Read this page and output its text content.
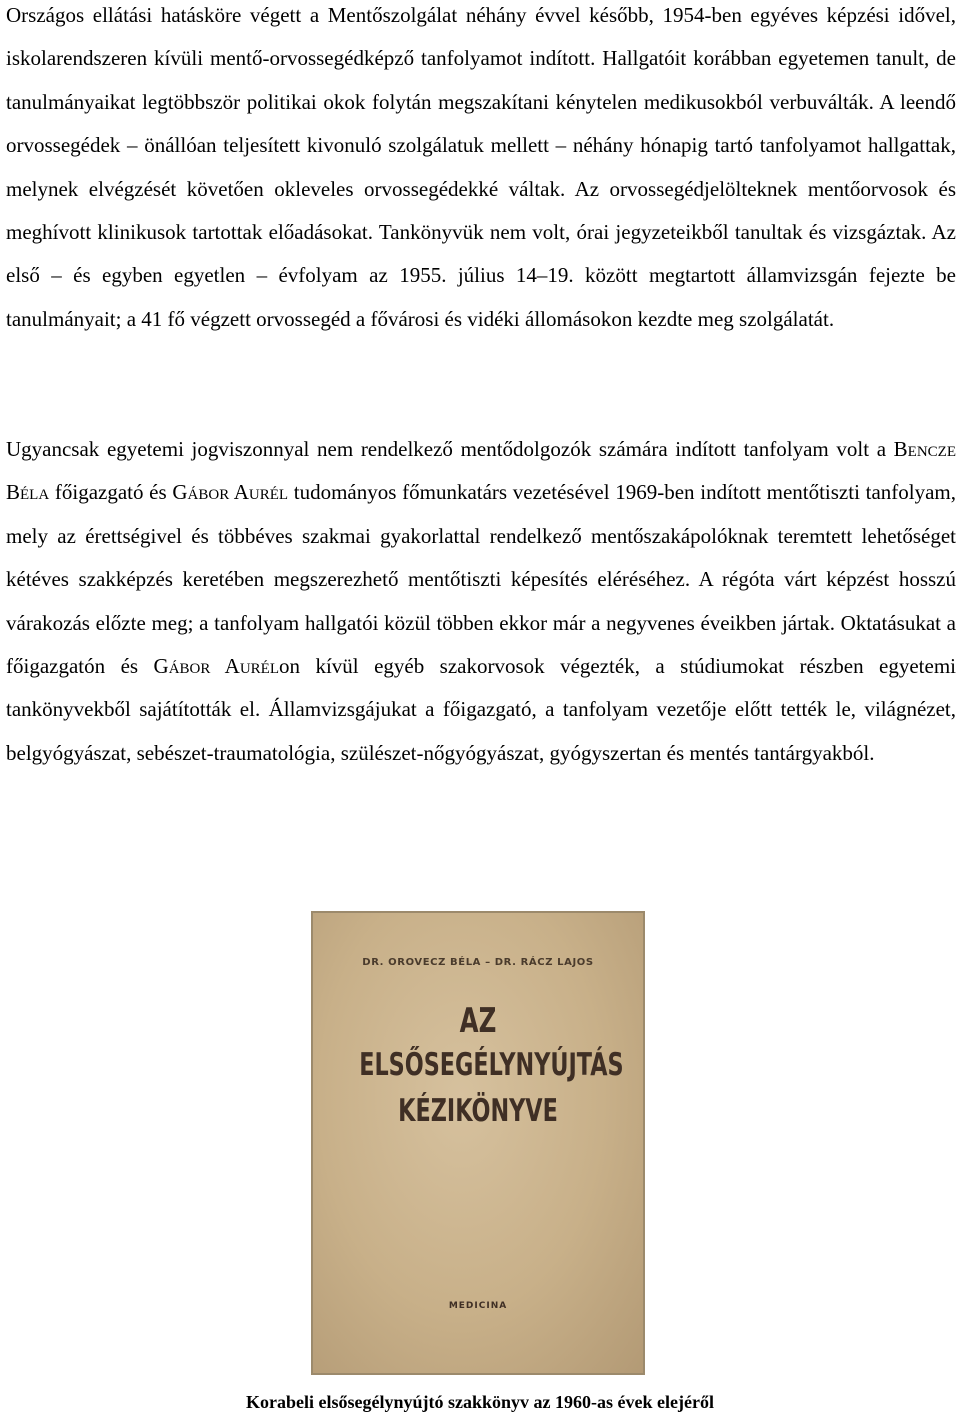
Országos ellátási hatásköre végett a Mentőszolgálat néhány évvel később, 1954-ben egyéves képzési idővel, iskolarendszeren kívüli mentő-orvossegédképző tanfolyamot indított. Hallgatóit korábban egyetemen tanult, de tanulmányaikat legtöbbször politikai okok folytán megszakítani kénytelen medikusokból verbuválták. A leendő orvossegédek – önállóan teljesített kivonuló szolgálatuk mellett – néhány hónapig tartó tanfolyamot hallgattak, melynek elvégzését követően okleveles orvossegédekké váltak. Az orvossegédjelölteknek mentőorvosok és meghívott klinikusok tartottak előadásokat. Tankönyvük nem volt, órai jegyzeteikből tanultak és vizsgáztak. Az első – és egyben egyetlen – évfolyam az 1955. július 14–19. között megtartott államvizsgán fejezte be tanulmányait; a 41 fő végzett orvossegéd a fővárosi és vidéki állomásokon kezdte meg szolgálatát.

Ugyancsak egyetemi jogviszonnyal nem rendelkező mentődolgozók számára indított tanfolyam volt a Bencze Béla főigazgató és Gábor Aurél tudományos főmunkatárs vezetésével 1969-ben indított mentőtiszti tanfolyam, mely az érettségivel és többéves szakmai gyakorlattal rendelkező mentőszakápolóknak teremtett lehetőséget kétéves szakképzés keretében megszerezhető mentőtiszti képesítés eléréséhez. A régóta várt képzést hosszú várakozás előzte meg; a tanfolyam hallgatói közül többen ekkor már a negyvenes éveikben jártak. Oktatásukat a főigazgatón és Gábor Aurélon kívül egyéb szakorvosok végezték, a stúdiumokat részben egyetemi tankönyvekből sajátították el. Államvizsgájukat a főigazgató, a tanfolyam vezetője előtt tették le, világnézet, belgyógyászat, sebészet-traumatológia, szülészet-nőgyógyászat, gyógyszertan és mentés tantárgyakból.

DR. OROVECZ BÉLA – DR. RÁCZ LAJOS
AZ
ELSŐSEGÉLYNYÚJTÁS
KÉZIKÖNYVE
MEDICINA
Korabeli elsősegélynyújtó szakkönyv az 1960-as évek elejéről
